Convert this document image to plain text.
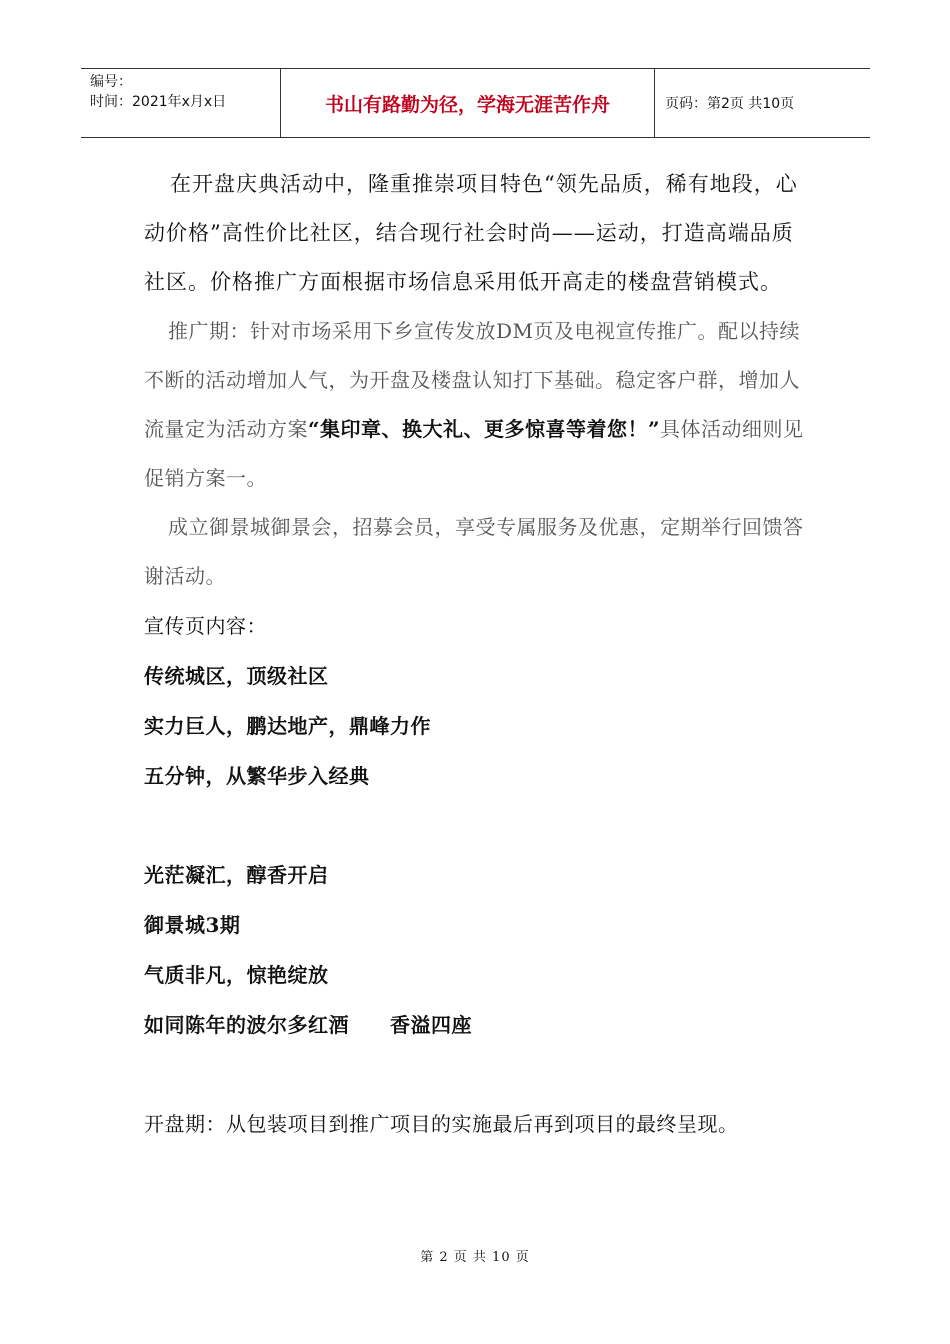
编号：
时间：2021年x月x日	书山有路勤为径，学海无涯苦作舟	页码：第2页 共10页

在开盘庆典活动中，隆重推崇项目特色“领先品质，稀有地段，心动价格”高性价比社区，结合现行社会时尚——运动，打造高端品质社区。价格推广方面根据市场信息采用低开高走的楼盘营销模式。

推广期：针对市场采用下乡宣传发放DM页及电视宣传推广。配以持续不断的活动增加人气，为开盘及楼盘认知打下基础。稳定客户群，增加人流量定为活动方案“集印章、换大礼、更多惊喜等着您！”具体活动细则见促销方案一。

成立御景城御景会，招募会员，享受专属服务及优惠，定期举行回馈答谢活动。

宣传页内容：

传统城区，顶级社区

实力巨人，鹏达地产，鼎峰力作

五分钟，从繁华步入经典

光茫凝汇，醇香开启

御景城3期

气质非凡，惊艳绽放

如同陈年的波尔多红酒　　香溢四座

开盘期：从包装项目到推广项目的实施最后再到项目的最终呈现。

第 2 页 共 10 页
